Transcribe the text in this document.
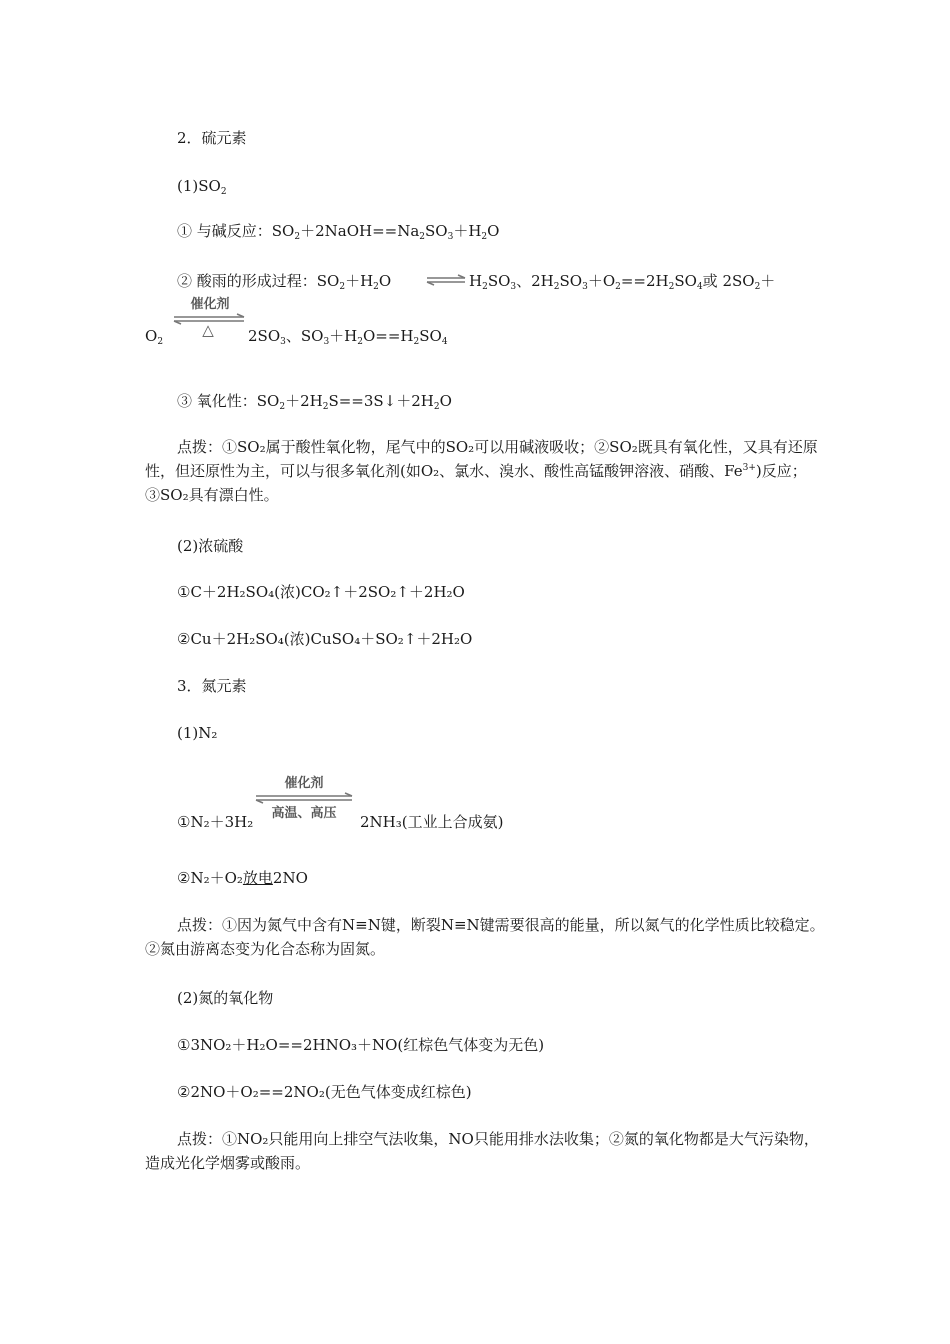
2．硫元素
$(1)SO_2$
① 与碱反应：$SO_2+2NaOH==Na_2SO_3+H_2O$
② 酸雨的形成过程：$SO_2+H_2O$ ⇌ $H_2SO_3$、$2H_2SO_3+O_2==2H_2SO_4$或 $2SO_2+$
$O_2$
催化剂
△	$2SO_3$、$SO_3+H_2O==H_2SO_4$
③ 氧化性：$SO_2+2H_2S==3S↓+2H_2O$
点拨：①SO₂属于酸性氧化物，尾气中的SO₂可以用碱液吸收；②SO₂既具有氧化性，又具有还原性，但还原性为主，可以与很多氧化剂(如O₂、氯水、溴水、酸性高锰酸钾溶液、硝酸、$Fe^{3+}$)反应；③SO₂具有漂白性。
(2)浓硫酸
①C＋2H₂SO₄(浓)CO₂↑＋2SO₂↑＋2H₂O
②Cu＋2H₂SO₄(浓)CuSO₄＋SO₂↑＋2H₂O
3．氮元素
(1)N₂
①N₂＋3H₂
催化剂
高温、高压	2NH₃(工业上合成氨)
②N₂＋O₂放电2NO
点拨：①因为氮气中含有N≡N键，断裂N≡N键需要很高的能量，所以氮气的化学性质比较稳定。②氮由游离态变为化合态称为固氮。
(2)氮的氧化物
①3NO₂＋H₂O==2HNO₃＋NO(红棕色气体变为无色)
②2NO＋O₂==2NO₂(无色气体变成红棕色)
点拨：①NO₂只能用向上排空气法收集，NO只能用排水法收集；②氮的氧化物都是大气污染物，造成光化学烟雾或酸雨。
